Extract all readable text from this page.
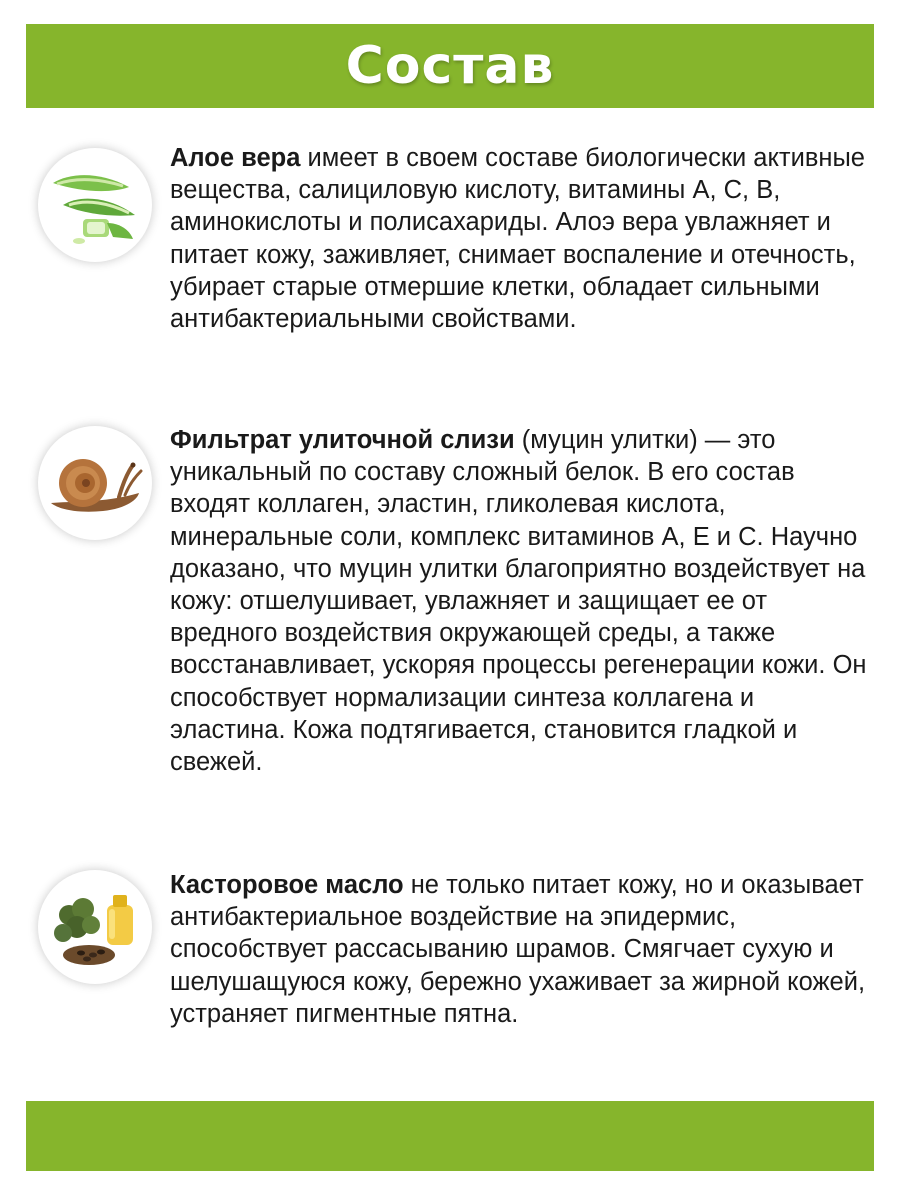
Состав

Алое вера имеет в своем составе биологически активные вещества, салициловую кислоту, витамины А, С, В, аминокислоты и полисахариды. Алоэ вера увлажняет и питает кожу, заживляет, снимает воспаление и отечность, убирает старые отмершие клетки, обладает сильными антибактериальными свойствами.

Фильтрат улиточной слизи (муцин улитки) — это уникальный по составу сложный белок. В его состав входят коллаген, эластин, гликолевая кислота, минеральные соли, комплекс витаминов А, Е и С. Научно доказано, что муцин улитки благоприятно воздействует на кожу: отшелушивает, увлажняет и защищает ее от вредного воздействия окружающей среды, а также восстанавливает, ускоряя процессы регенерации кожи. Он способствует нормализации синтеза коллагена и эластина. Кожа подтягивается, становится гладкой и свежей.

Касторовое масло не только питает кожу, но и оказывает антибактериальное воздействие на эпидермис, способствует рассасыванию шрамов. Смягчает сухую и шелушащуюся кожу, бережно ухаживает за жирной кожей, устраняет пигментные пятна.
